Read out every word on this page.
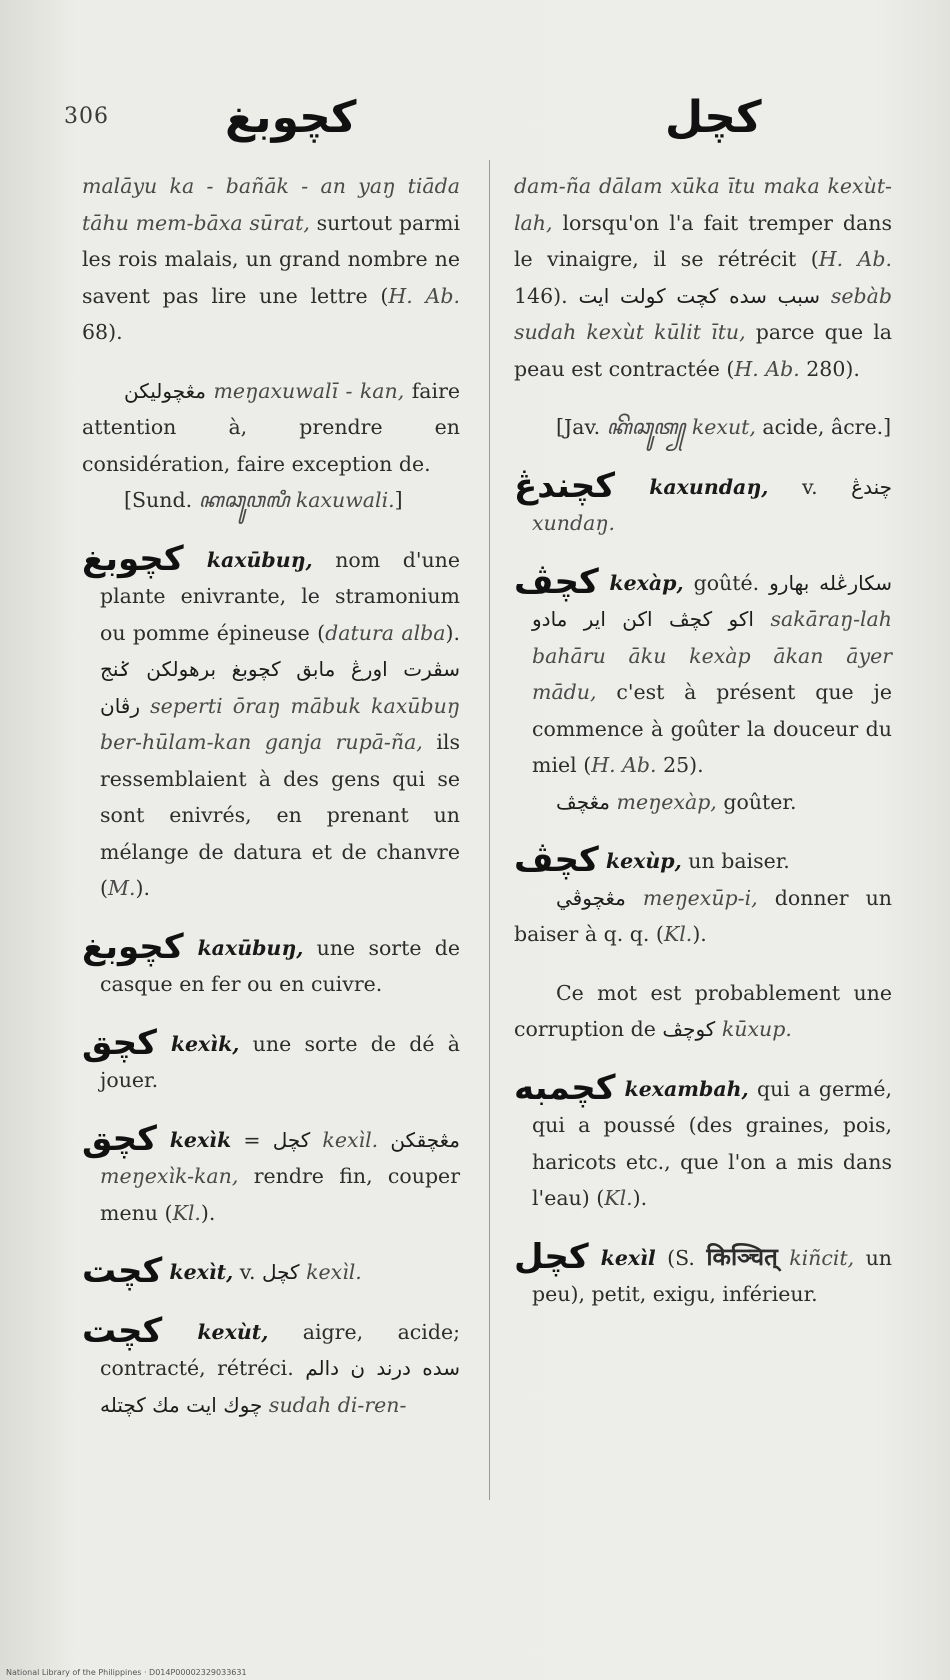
306	كچوبغ	كچل

malāyu ka - bañāk - an yaŋ tiāda tāhu mem-bāxa sūrat, surtout parmi les rois malais, un grand nombre ne savent pas lire une lettre (H. Ab. 68).

مڠچوليكن meŋaxuwalī - kan, faire attention à, prendre en considération, faire exception de.

[Sund. ꦏꦕꦸꦮꦭꦶ kaxuwali.]

كچوبغ kaxūbuŋ, nom d'une plante enivrante, le stramonium ou pomme épineuse (datura alba). سڤرت اورڠ مابق كچوبغ برهولكن ݢنج رڤان seperti ōraŋ mābuk kaxūbuŋ ber-hūlam-kan ganja rupā-ña, ils ressemblaient à des gens qui se sont enivrés, en prenant un mélange de datura et de chanvre (M.).

كچوبغ kaxūbuŋ, une sorte de casque en fer ou en cuivre.

كچق kexìk, une sorte de dé à jouer.

كچق kexìk = كچل kexìl. مڠچقكن meŋexìk-kan, rendre fin, couper menu (Kl.).

كچت kexìt, v. كچل kexìl.

كچت kexùt, aigre, acide; contracté, rétréci. سده درند ن دالم چوك ايت مك كچتله sudah di-ren-

dam-ña dālam xūka ītu maka kexùt-lah, lorsqu'on l'a fait tremper dans le vinaigre, il se rétrécit (H. Ab. 146). سبب سده كچت كولت ايت sebàb sudah kexùt kūlit ītu, parce que la peau est contractée (H. Ab. 280).

[Jav. ꦏꦼꦕꦸꦠ꧀ kexut, acide, âcre.]

كچندڠ kaxundaŋ, v. چندڠ xundaŋ.

كچڤ kexàp, goûté. سكارڠله بهارو اكو كچڤ اكن اير مادو sakāraŋ-lah bahāru āku kexàp ākan āyer mādu, c'est à présent que je commence à goûter la douceur du miel (H. Ab. 25).

مڠچڤ meŋexàp, goûter.

كچڤ kexùp, un baiser.

مڠچوڤي meŋexūp-i, donner un baiser à q. q. (Kl.).

Ce mot est probablement une corruption de كوچڤ kūxup.

كچمبه kexambah, qui a germé, qui a poussé (des graines, pois, haricots etc., que l'on a mis dans l'eau) (Kl.).

كچل kexìl (S. किञ्चित् kiñcit, un peu), petit, exigu, inférieur.

National Library of the Philippines · D014P00002329033631
